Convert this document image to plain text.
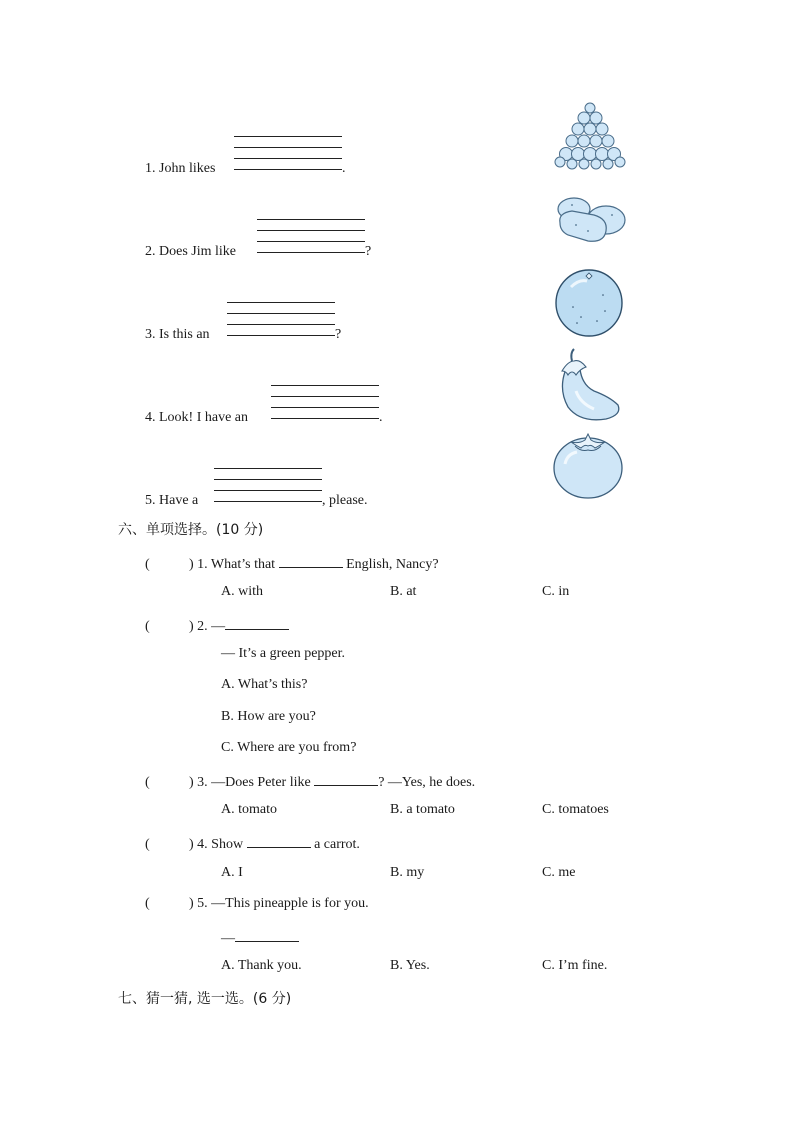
1. John likes	.
2. Does Jim like	?
3. Is this an	?
4. Look! I have an	.
5. Have a	, please.
六、单项选择。(10 分)
(	) 1. What’s that	English, Nancy?
A. with	B. at	C. in
(	) 2. —
— It’s a green pepper.
A. What’s this?
B. How are you?
C. Where are you from?
(	) 3. —Does Peter like	? —Yes, he does.
A. tomato	B. a tomato	C. tomatoes
(	) 4. Show	a carrot.
A. I	B. my	C. me
(	) 5. —This pineapple is for you.
—
A. Thank you.	B. Yes.	C. I’m fine.
七、猜一猜, 选一选。(6 分)
